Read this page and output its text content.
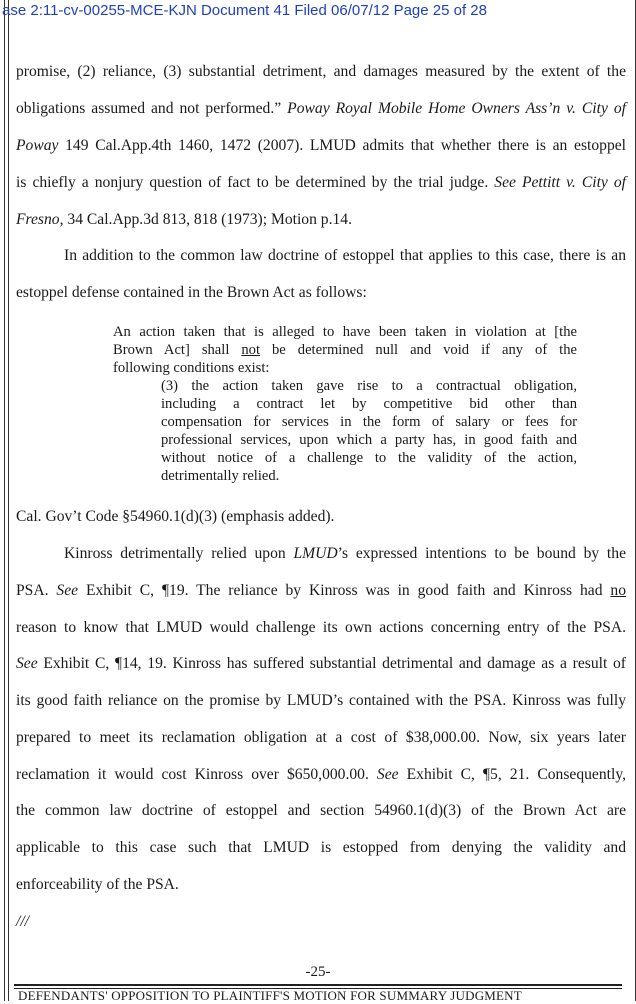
ase 2:11-cv-00255-MCE-KJN Document 41 Filed 06/07/12 Page 25 of 28
promise, (2) reliance, (3) substantial detriment, and damages measured by the extent of the
obligations assumed and not performed.” Poway Royal Mobile Home Owners Ass’n v. City of
Poway 149 Cal.App.4th 1460, 1472 (2007). LMUD admits that whether there is an estoppel
is chiefly a nonjury question of fact to be determined by the trial judge. See Pettitt v. City of
Fresno, 34 Cal.App.3d 813, 818 (1973); Motion p.14.
In addition to the common law doctrine of estoppel that applies to this case, there is an
estoppel defense contained in the Brown Act as follows:
An action taken that is alleged to have been taken in violation at [the
Brown Act] shall not be determined null and void if any of the
following conditions exist:
(3) the action taken gave rise to a contractual obligation,
including a contract let by competitive bid other than
compensation for services in the form of salary or fees for
professional services, upon which a party has, in good faith and
without notice of a challenge to the validity of the action,
detrimentally relied.
Cal. Gov’t Code §54960.1(d)(3) (emphasis added).
Kinross detrimentally relied upon LMUD’s expressed intentions to be bound by the
PSA. See Exhibit C, ¶19. The reliance by Kinross was in good faith and Kinross had no
reason to know that LMUD would challenge its own actions concerning entry of the PSA.
See Exhibit C, ¶14, 19. Kinross has suffered substantial detrimental and damage as a result of
its good faith reliance on the promise by LMUD’s contained with the PSA. Kinross was fully
prepared to meet its reclamation obligation at a cost of $38,000.00. Now, six years later
reclamation it would cost Kinross over $650,000.00. See Exhibit C, ¶5, 21. Consequently,
the common law doctrine of estoppel and section 54960.1(d)(3) of the Brown Act are
applicable to this case such that LMUD is estopped from denying the validity and
enforceability of the PSA.
///
-25-
DEFENDANTS' OPPOSITION TO PLAINTIFF'S MOTION FOR SUMMARY JUDGMENT
